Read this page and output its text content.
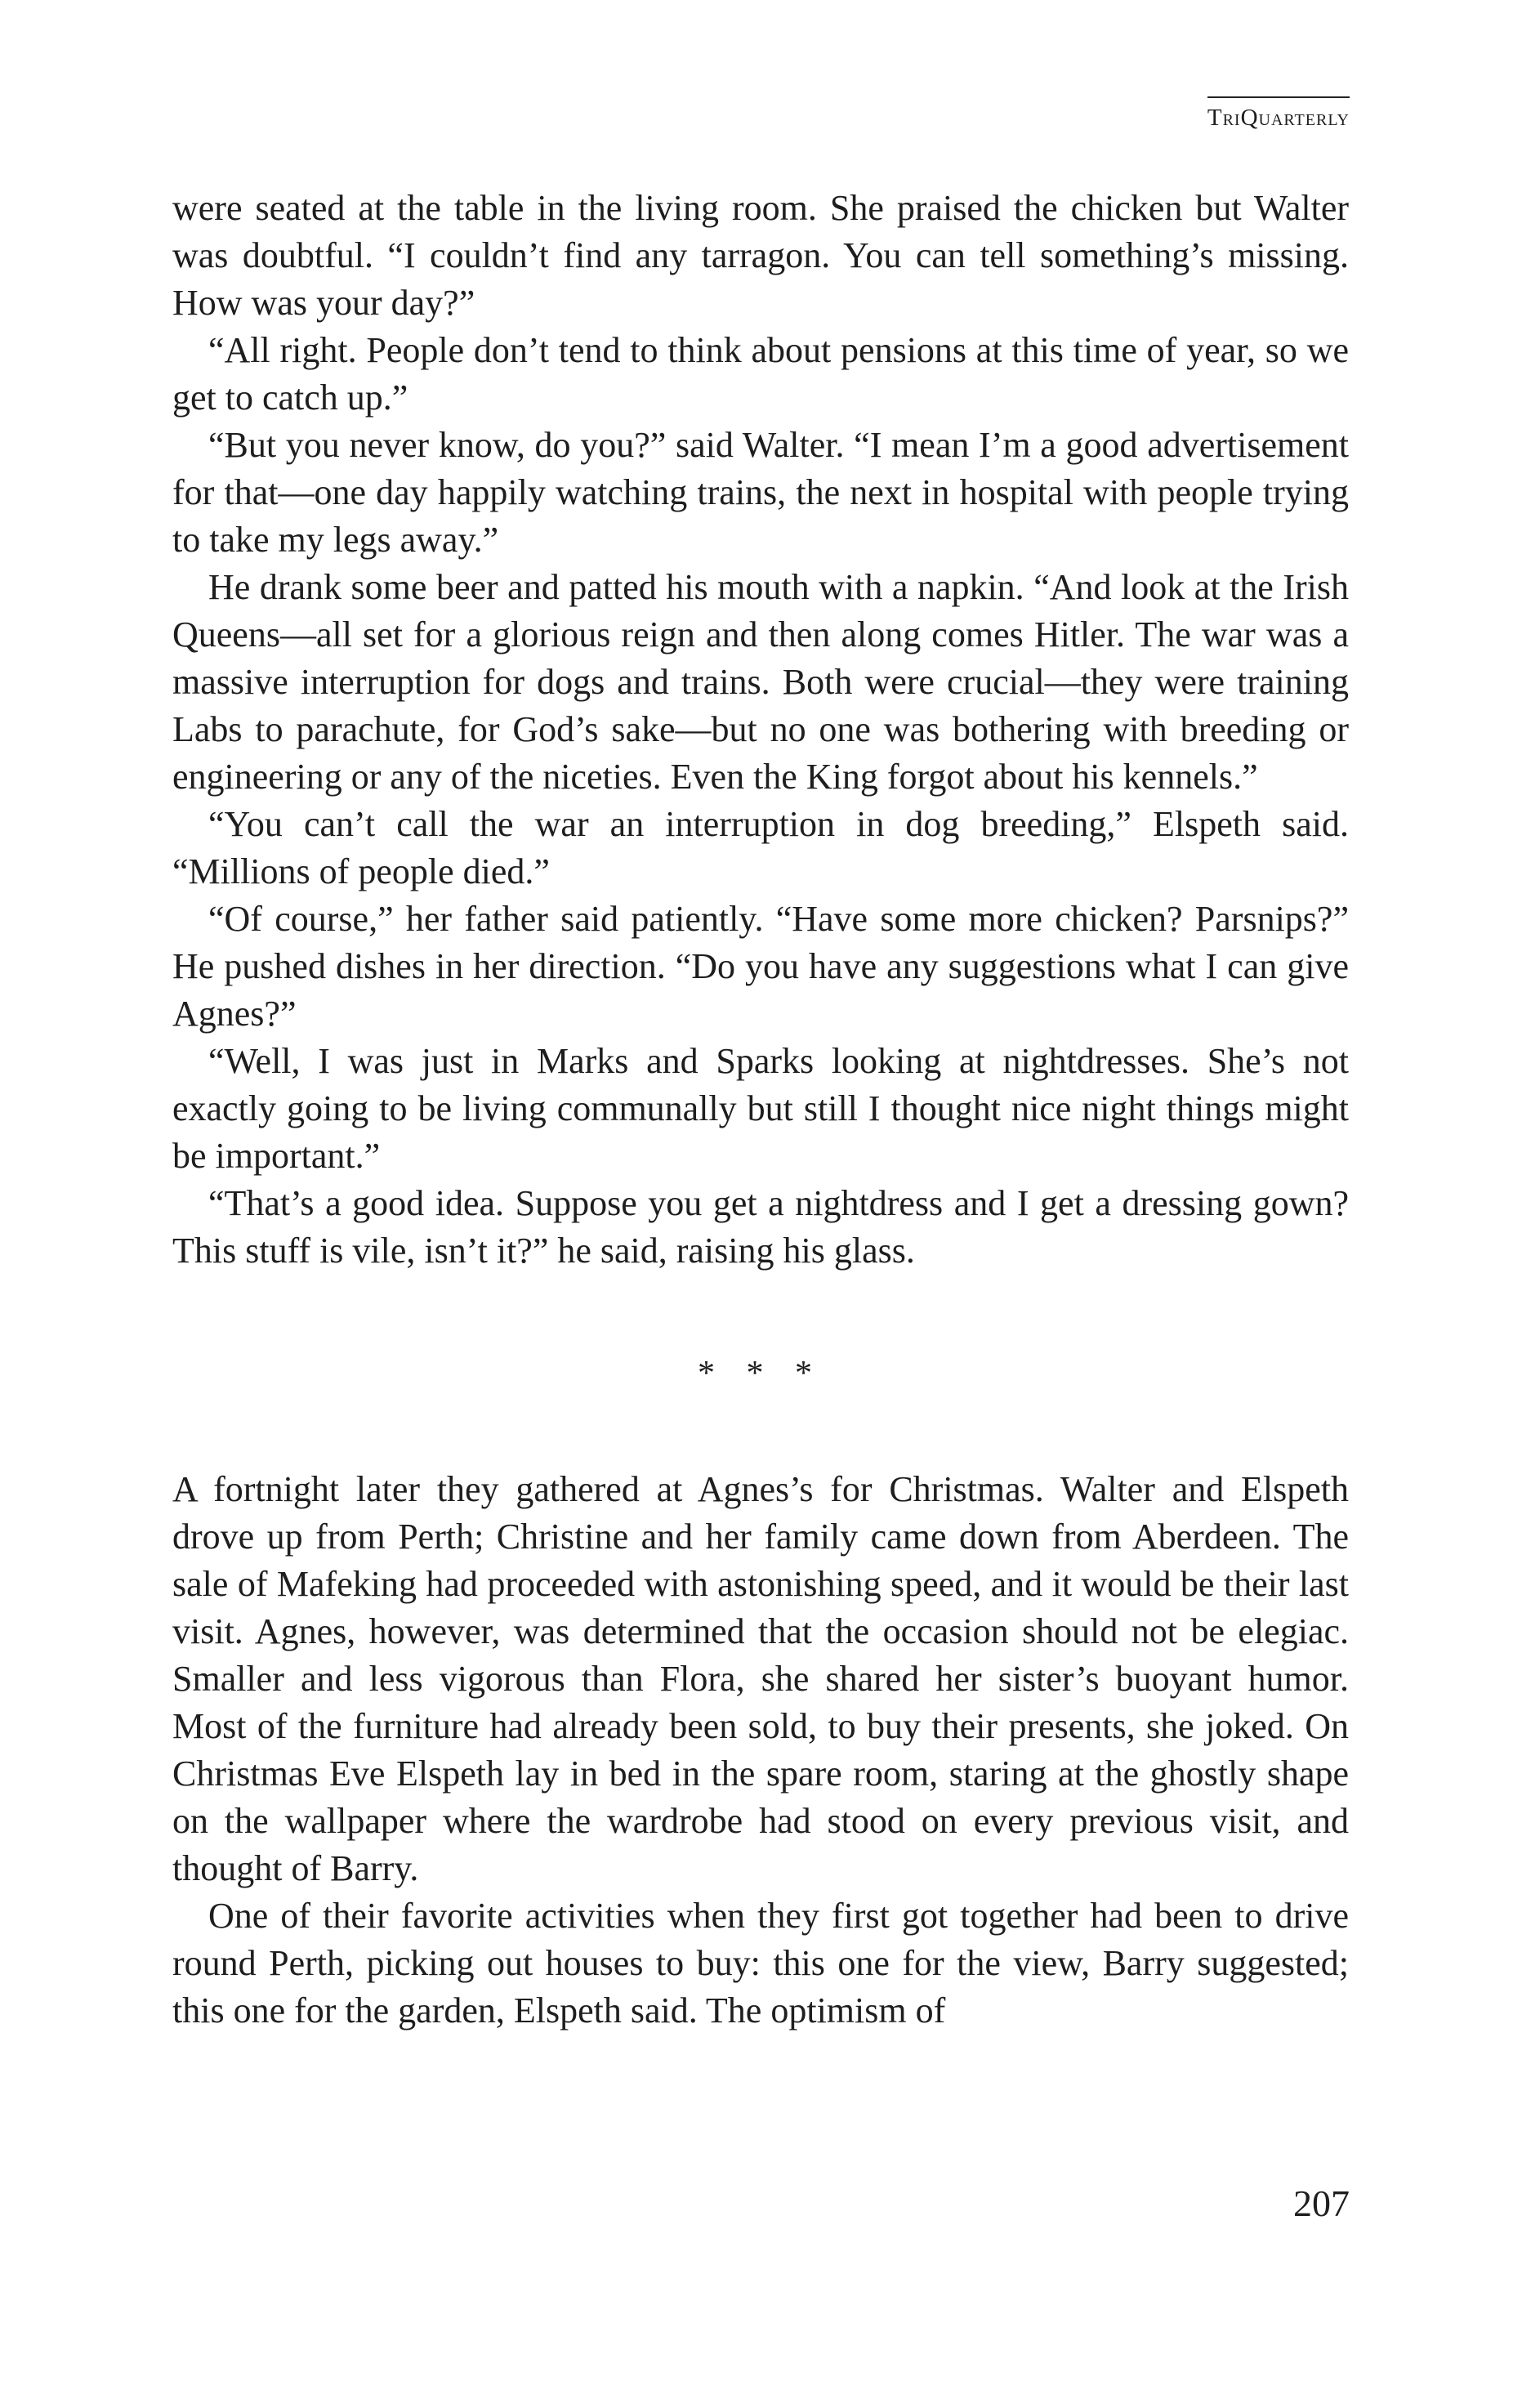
TriQuarterly

were seated at the table in the living room. She praised the chicken but Walter was doubtful. “I couldn’t find any tarragon. You can tell something’s missing. How was your day?”

“All right. People don’t tend to think about pensions at this time of year, so we get to catch up.”

“But you never know, do you?” said Walter. “I mean I’m a good advertisement for that—one day happily watching trains, the next in hospital with people trying to take my legs away.”

He drank some beer and patted his mouth with a napkin. “And look at the Irish Queens—all set for a glorious reign and then along comes Hitler. The war was a massive interruption for dogs and trains. Both were crucial—they were training Labs to parachute, for God’s sake—but no one was bothering with breeding or engineering or any of the niceties. Even the King forgot about his kennels.”

“You can’t call the war an interruption in dog breeding,” Elspeth said. “Millions of people died.”

“Of course,” her father said patiently. “Have some more chicken? Parsnips?” He pushed dishes in her direction. “Do you have any suggestions what I can give Agnes?”

“Well, I was just in Marks and Sparks looking at nightdresses. She’s not exactly going to be living communally but still I thought nice night things might be important.”

“That’s a good idea. Suppose you get a nightdress and I get a dressing gown? This stuff is vile, isn’t it?” he said, raising his glass.

* * *

A fortnight later they gathered at Agnes’s for Christmas. Walter and Elspeth drove up from Perth; Christine and her family came down from Aberdeen. The sale of Mafeking had proceeded with astonishing speed, and it would be their last visit. Agnes, however, was determined that the occasion should not be elegiac. Smaller and less vigorous than Flora, she shared her sister’s buoyant humor. Most of the furniture had already been sold, to buy their presents, she joked. On Christmas Eve Elspeth lay in bed in the spare room, staring at the ghostly shape on the wallpaper where the wardrobe had stood on every previous visit, and thought of Barry.

One of their favorite activities when they first got together had been to drive round Perth, picking out houses to buy: this one for the view, Barry suggested; this one for the garden, Elspeth said. The optimism of

207
